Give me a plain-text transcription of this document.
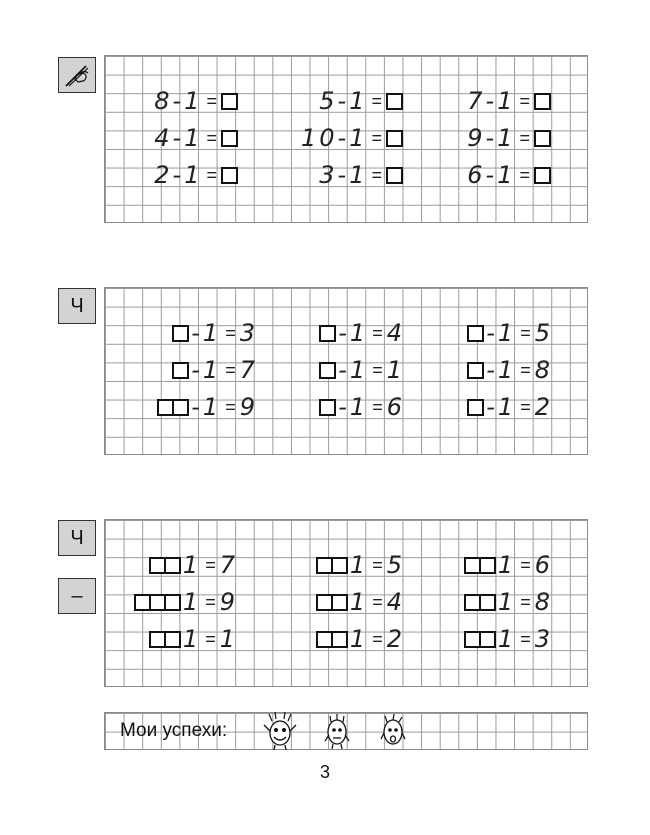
Ч
Ч
–
8 - 1 =	5 - 1 =	7 - 1 =
4 - 1 =	10 - 1 =	9 - 1 =
2 - 1 =	3 - 1 =	6 - 1 =
- 1 = 3	- 1 = 4	- 1 = 5
- 1 = 7	- 1 = 1	- 1 = 8
- 1 = 9	- 1 = 6	- 1 = 2
1 = 7	1 = 5	1 = 6
1 = 9	1 = 4	1 = 8
1 = 1	1 = 2	1 = 3
Мои успехи:
3
